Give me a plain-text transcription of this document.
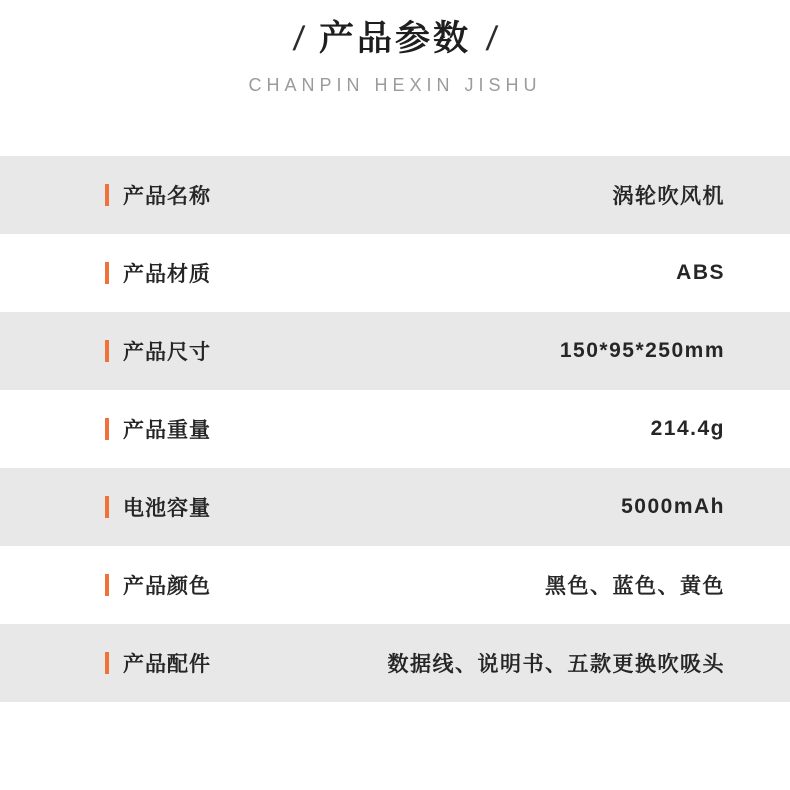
/ 产品参数 /
CHANPIN HEXIN JISHU
产品名称	涡轮吹风机
产品材质	ABS
产品尺寸	150*95*250mm
产品重量	214.4g
电池容量	5000mAh
产品颜色	黑色、蓝色、黄色
产品配件	数据线、说明书、五款更换吹吸头
